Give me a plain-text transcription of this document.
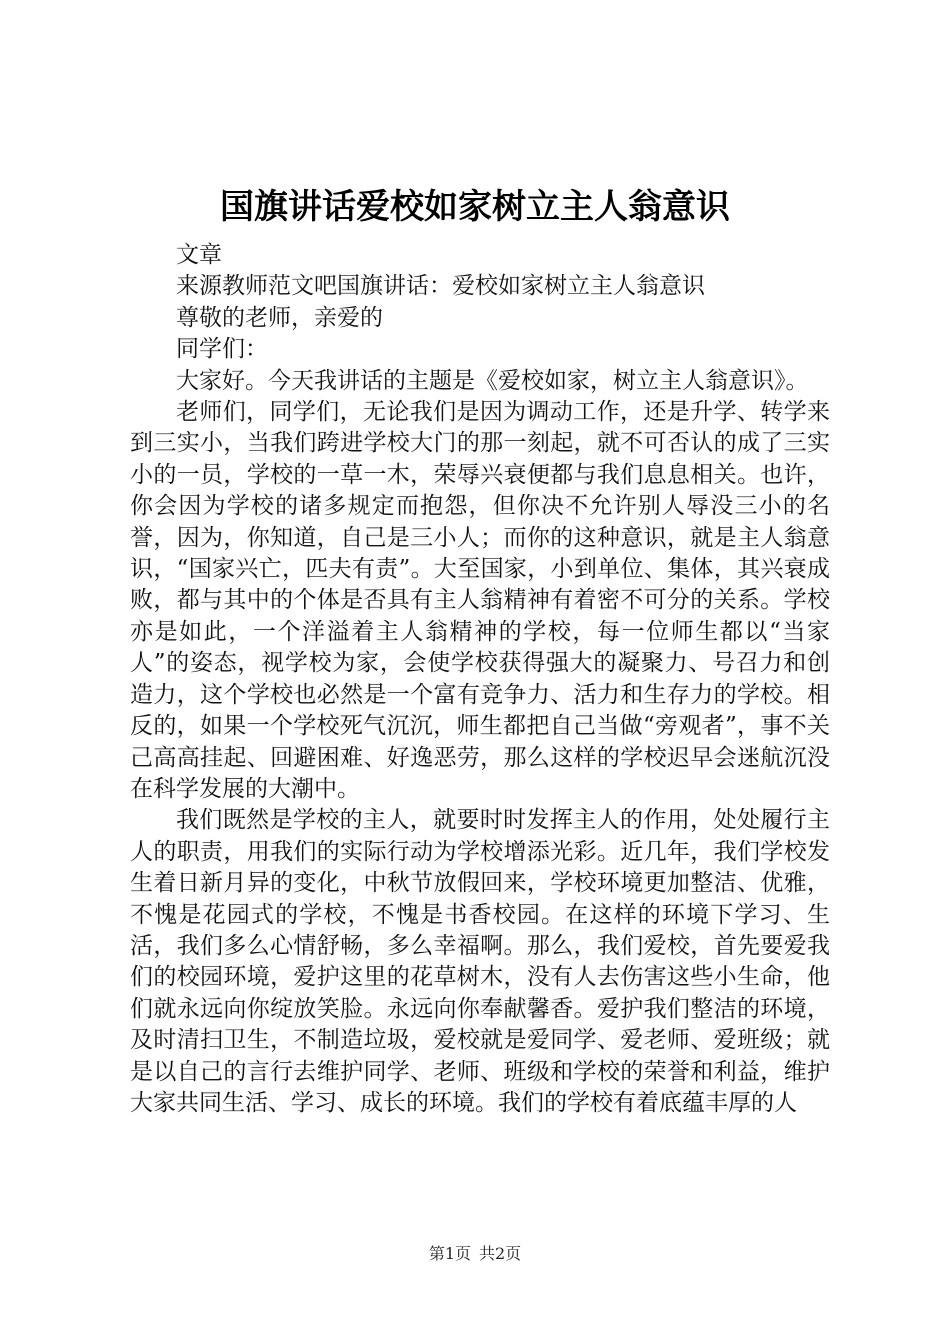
国旗讲话爱校如家树立主人翁意识

文章

来源教师范文吧国旗讲话：爱校如家树立主人翁意识

尊敬的老师，亲爱的

同学们：

大家好。今天我讲话的主题是《爱校如家，树立主人翁意识》。

老师们，同学们，无论我们是因为调动工作，还是升学、转学来到三实小，当我们跨进学校大门的那一刻起，就不可否认的成了三实小的一员，学校的一草一木，荣辱兴衰便都与我们息息相关。也许，你会因为学校的诸多规定而抱怨，但你决不允许别人辱没三小的名誉，因为，你知道，自己是三小人；而你的这种意识，就是主人翁意识，“国家兴亡，匹夫有责”。大至国家，小到单位、集体，其兴衰成败，都与其中的个体是否具有主人翁精神有着密不可分的关系。学校亦是如此，一个洋溢着主人翁精神的学校，每一位师生都以“当家人”的姿态，视学校为家，会使学校获得强大的凝聚力、号召力和创造力，这个学校也必然是一个富有竞争力、活力和生存力的学校。相反的，如果一个学校死气沉沉，师生都把自己当做“旁观者”，事不关己高高挂起、回避困难、好逸恶劳，那么这样的学校迟早会迷航沉没在科学发展的大潮中。

我们既然是学校的主人，就要时时发挥主人的作用，处处履行主人的职责，用我们的实际行动为学校增添光彩。近几年，我们学校发生着日新月异的变化，中秋节放假回来，学校环境更加整洁、优雅，不愧是花园式的学校，不愧是书香校园。在这样的环境下学习、生活，我们多么心情舒畅，多么幸福啊。那么，我们爱校，首先要爱我们的校园环境，爱护这里的花草树木，没有人去伤害这些小生命，他们就永远向你绽放笑脸。永远向你奉献馨香。爱护我们整洁的环境，及时清扫卫生，不制造垃圾，爱校就是爱同学、爱老师、爱班级；就是以自己的言行去维护同学、老师、班级和学校的荣誉和利益，维护大家共同生活、学习、成长的环境。我们的学校有着底蕴丰厚的人

第1页 共2页
